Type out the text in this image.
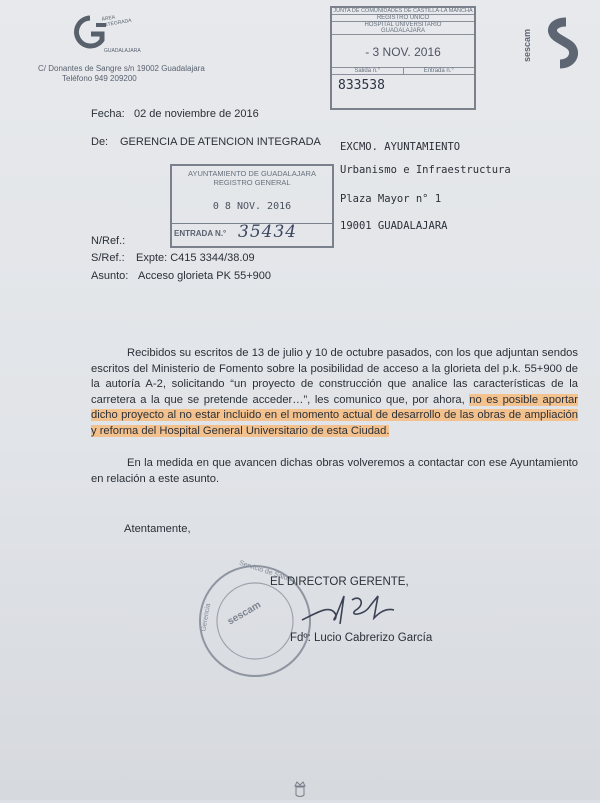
ÁREA INTEGRADA
GUADALAJARA
C/ Donantes de Sangre s/n 19002 Guadalajara
Teléfono 949 209200
sescam
JUNTA DE COMUNIDADES DE CASTILLA-LA MANCHA
REGISTRO UNICO
HOSPITAL UNIVERSITARIO
GUADALAJARA
- 3 NOV. 2016
Salida n.°	Entrada n.°
833538
Fecha: 02 de noviembre de 2016
De: GERENCIA DE ATENCION INTEGRADA EXCMO. AYUNTAMIENTO
Urbanismo e Infraestructura
Plaza Mayor n° 1
19001 GUADALAJARA
AYUNTAMIENTO DE GUADALAJARA
REGISTRO GENERAL
0 8 NOV. 2016
ENTRADA N.° 35434
N/Ref.:
S/Ref.: Expte: C415 3344/38.09
Asunto: Acceso glorieta PK 55+900
Recibidos su escritos de 13 de julio y 10 de octubre pasados, con los que adjuntan sendos escritos del Ministerio de Fomento sobre la posibilidad de acceso a la glorieta del p.k. 55+900 de la autoría A-2, solicitando “un proyecto de construcción que analice las características de la carretera a la que se pretende acceder…”, les comunico que, por ahora, no es posible aportar dicho proyecto al no estar incluido en el momento actual de desarrollo de las obras de ampliación y reforma del Hospital General Universitario de esta Ciudad.
En la medida en que avancen dichas obras volveremos a contactar con ese Ayuntamiento en relación a este asunto.
Atentamente,
Servicio de Salud
Gerencia sescam
EL DIRECTOR GERENTE,
Fdº: Lucio Cabrerizo García
